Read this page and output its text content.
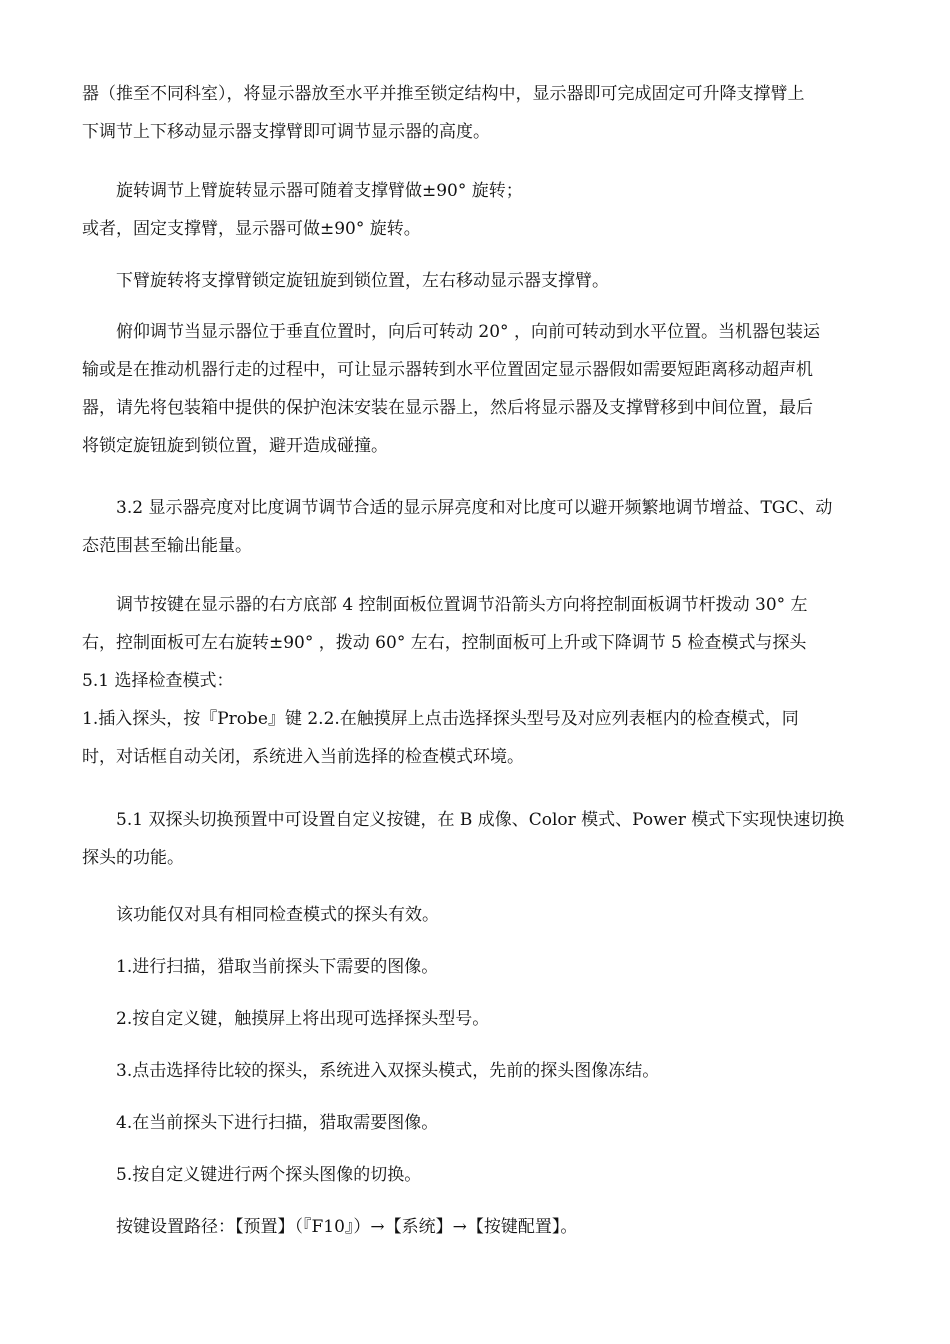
器（推至不同科室），将显示器放至水平并推至锁定结构中，显示器即可完成固定可升降支撑臂上
下调节上下移动显示器支撑臂即可调节显示器的高度。
旋转调节上臂旋转显示器可随着支撑臂做±90° 旋转；
或者，固定支撑臂，显示器可做±90° 旋转。
下臂旋转将支撑臂锁定旋钮旋到锁位置，左右移动显示器支撑臂。
俯仰调节当显示器位于垂直位置时，向后可转动 20° ，向前可转动到水平位置。当机器包装运
输或是在推动机器行走的过程中，可让显示器转到水平位置固定显示器假如需要短距离移动超声机
器，请先将包装箱中提供的保护泡沫安装在显示器上，然后将显示器及支撑臂移到中间位置，最后
将锁定旋钮旋到锁位置，避开造成碰撞。
3.2 显示器亮度对比度调节调节合适的显示屏亮度和对比度可以避开频繁地调节增益、TGC、动
态范围甚至输出能量。
调节按键在显示器的右方底部 4 控制面板位置调节沿箭头方向将控制面板调节杆拨动 30° 左
右，控制面板可左右旋转±90° ，拨动 60° 左右，控制面板可上升或下降调节 5 检查模式与探头
5.1 选择检查模式：
1.插入探头，按『Probe』键 2.2.在触摸屏上点击选择探头型号及对应列表框内的检查模式，同
时，对话框自动关闭，系统进入当前选择的检查模式环境。
5.1 双探头切换预置中可设置自定义按键，在 B 成像、Color 模式、Power 模式下实现快速切换
探头的功能。
该功能仅对具有相同检查模式的探头有效。
1.进行扫描，猎取当前探头下需要的图像。
2.按自定义键，触摸屏上将出现可选择探头型号。
3.点击选择待比较的探头，系统进入双探头模式，先前的探头图像冻结。
4.在当前探头下进行扫描，猎取需要图像。
5.按自定义键进行两个探头图像的切换。
按键设置路径：【预置】（『F10』）→【系统】→【按键配置】。
